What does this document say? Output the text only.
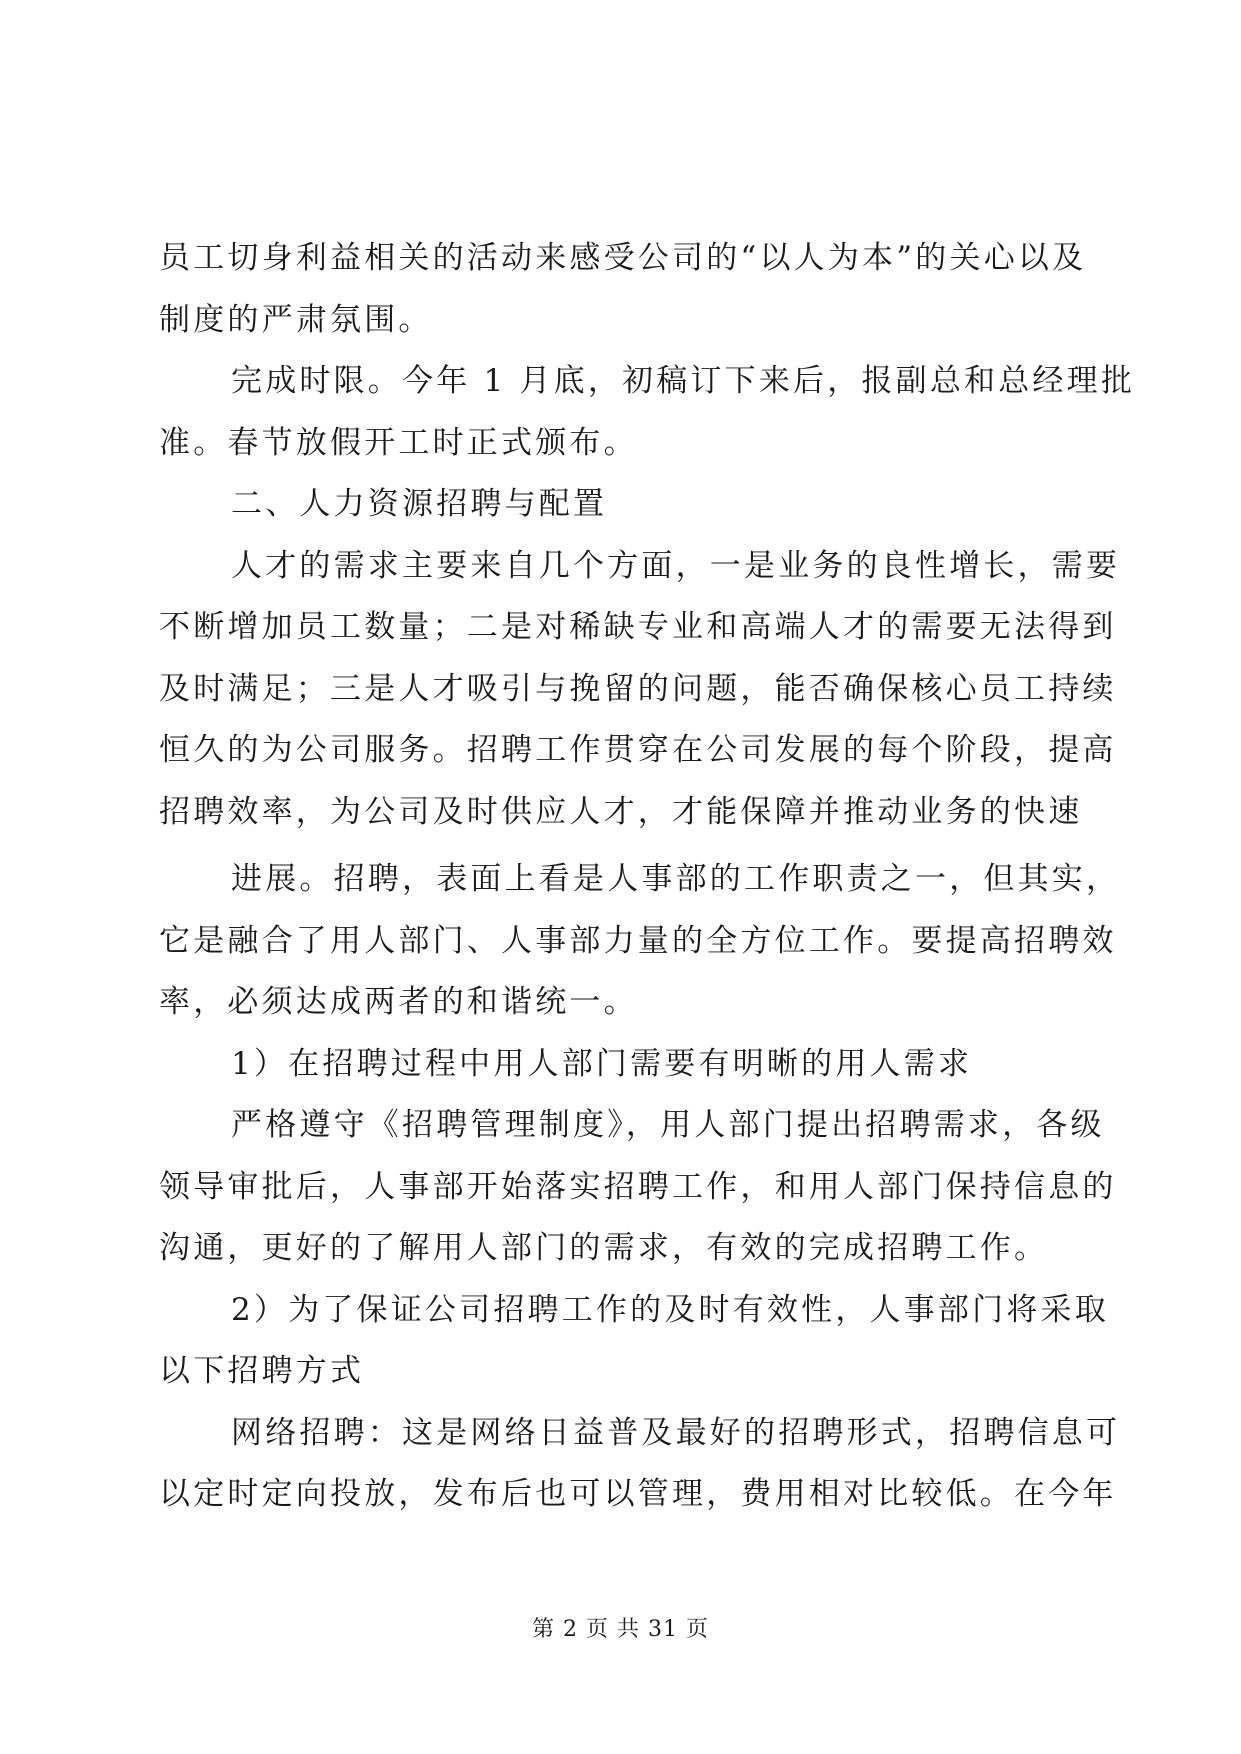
员工切身利益相关的活动来感受公司的“以人为本”的关心以及
制度的严肃氛围。
完成时限。今年 1 月底，初稿订下来后，报副总和总经理批
准。春节放假开工时正式颁布。
二、人力资源招聘与配置
人才的需求主要来自几个方面，一是业务的良性增长，需要
不断增加员工数量；二是对稀缺专业和高端人才的需要无法得到
及时满足；三是人才吸引与挽留的问题，能否确保核心员工持续
恒久的为公司服务。招聘工作贯穿在公司发展的每个阶段，提高
招聘效率，为公司及时供应人才，才能保障并推动业务的快速
进展。招聘，表面上看是人事部的工作职责之一，但其实，
它是融合了用人部门、人事部力量的全方位工作。要提高招聘效
率，必须达成两者的和谐统一。
1）在招聘过程中用人部门需要有明晰的用人需求
严格遵守《招聘管理制度》，用人部门提出招聘需求，各级
领导审批后，人事部开始落实招聘工作，和用人部门保持信息的
沟通，更好的了解用人部门的需求，有效的完成招聘工作。
2）为了保证公司招聘工作的及时有效性，人事部门将采取
以下招聘方式
网络招聘：这是网络日益普及最好的招聘形式，招聘信息可
以定时定向投放，发布后也可以管理，费用相对比较低。在今年
第 2 页 共 31 页
